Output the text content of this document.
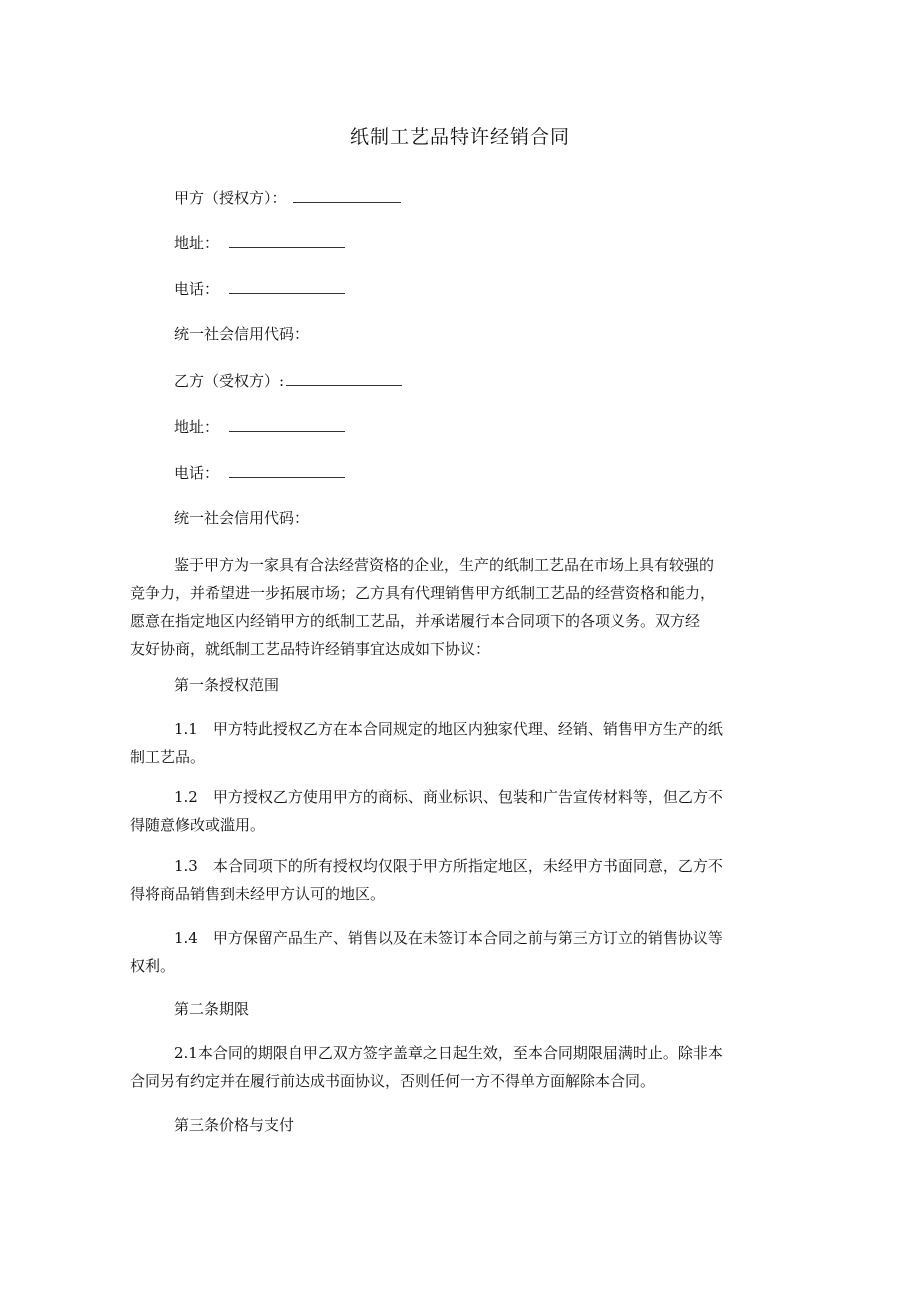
纸制工艺品特许经销合同
甲方（授权方）：
地址：
电话：
统一社会信用代码：
乙方（受权方）:
地址：
电话：
统一社会信用代码：
鉴于甲方为一家具有合法经营资格的企业，生产的纸制工艺品在市场上具有较强的
竞争力，并希望进一步拓展市场；乙方具有代理销售甲方纸制工艺品的经营资格和能力，
愿意在指定地区内经销甲方的纸制工艺品，并承诺履行本合同项下的各项义务。双方经
友好协商，就纸制工艺品特许经销事宜达成如下协议：
第一条授权范围
1.1　甲方特此授权乙方在本合同规定的地区内独家代理、经销、销售甲方生产的纸
制工艺品。
1.2　甲方授权乙方使用甲方的商标、商业标识、包装和广告宣传材料等，但乙方不
得随意修改或滥用。
1.3　本合同项下的所有授权均仅限于甲方所指定地区，未经甲方书面同意，乙方不
得将商品销售到未经甲方认可的地区。
1.4　甲方保留产品生产、销售以及在未签订本合同之前与第三方订立的销售协议等
权利。
第二条期限
2.1本合同的期限自甲乙双方签字盖章之日起生效，至本合同期限届满时止。除非本
合同另有约定并在履行前达成书面协议，否则任何一方不得单方面解除本合同。
第三条价格与支付
